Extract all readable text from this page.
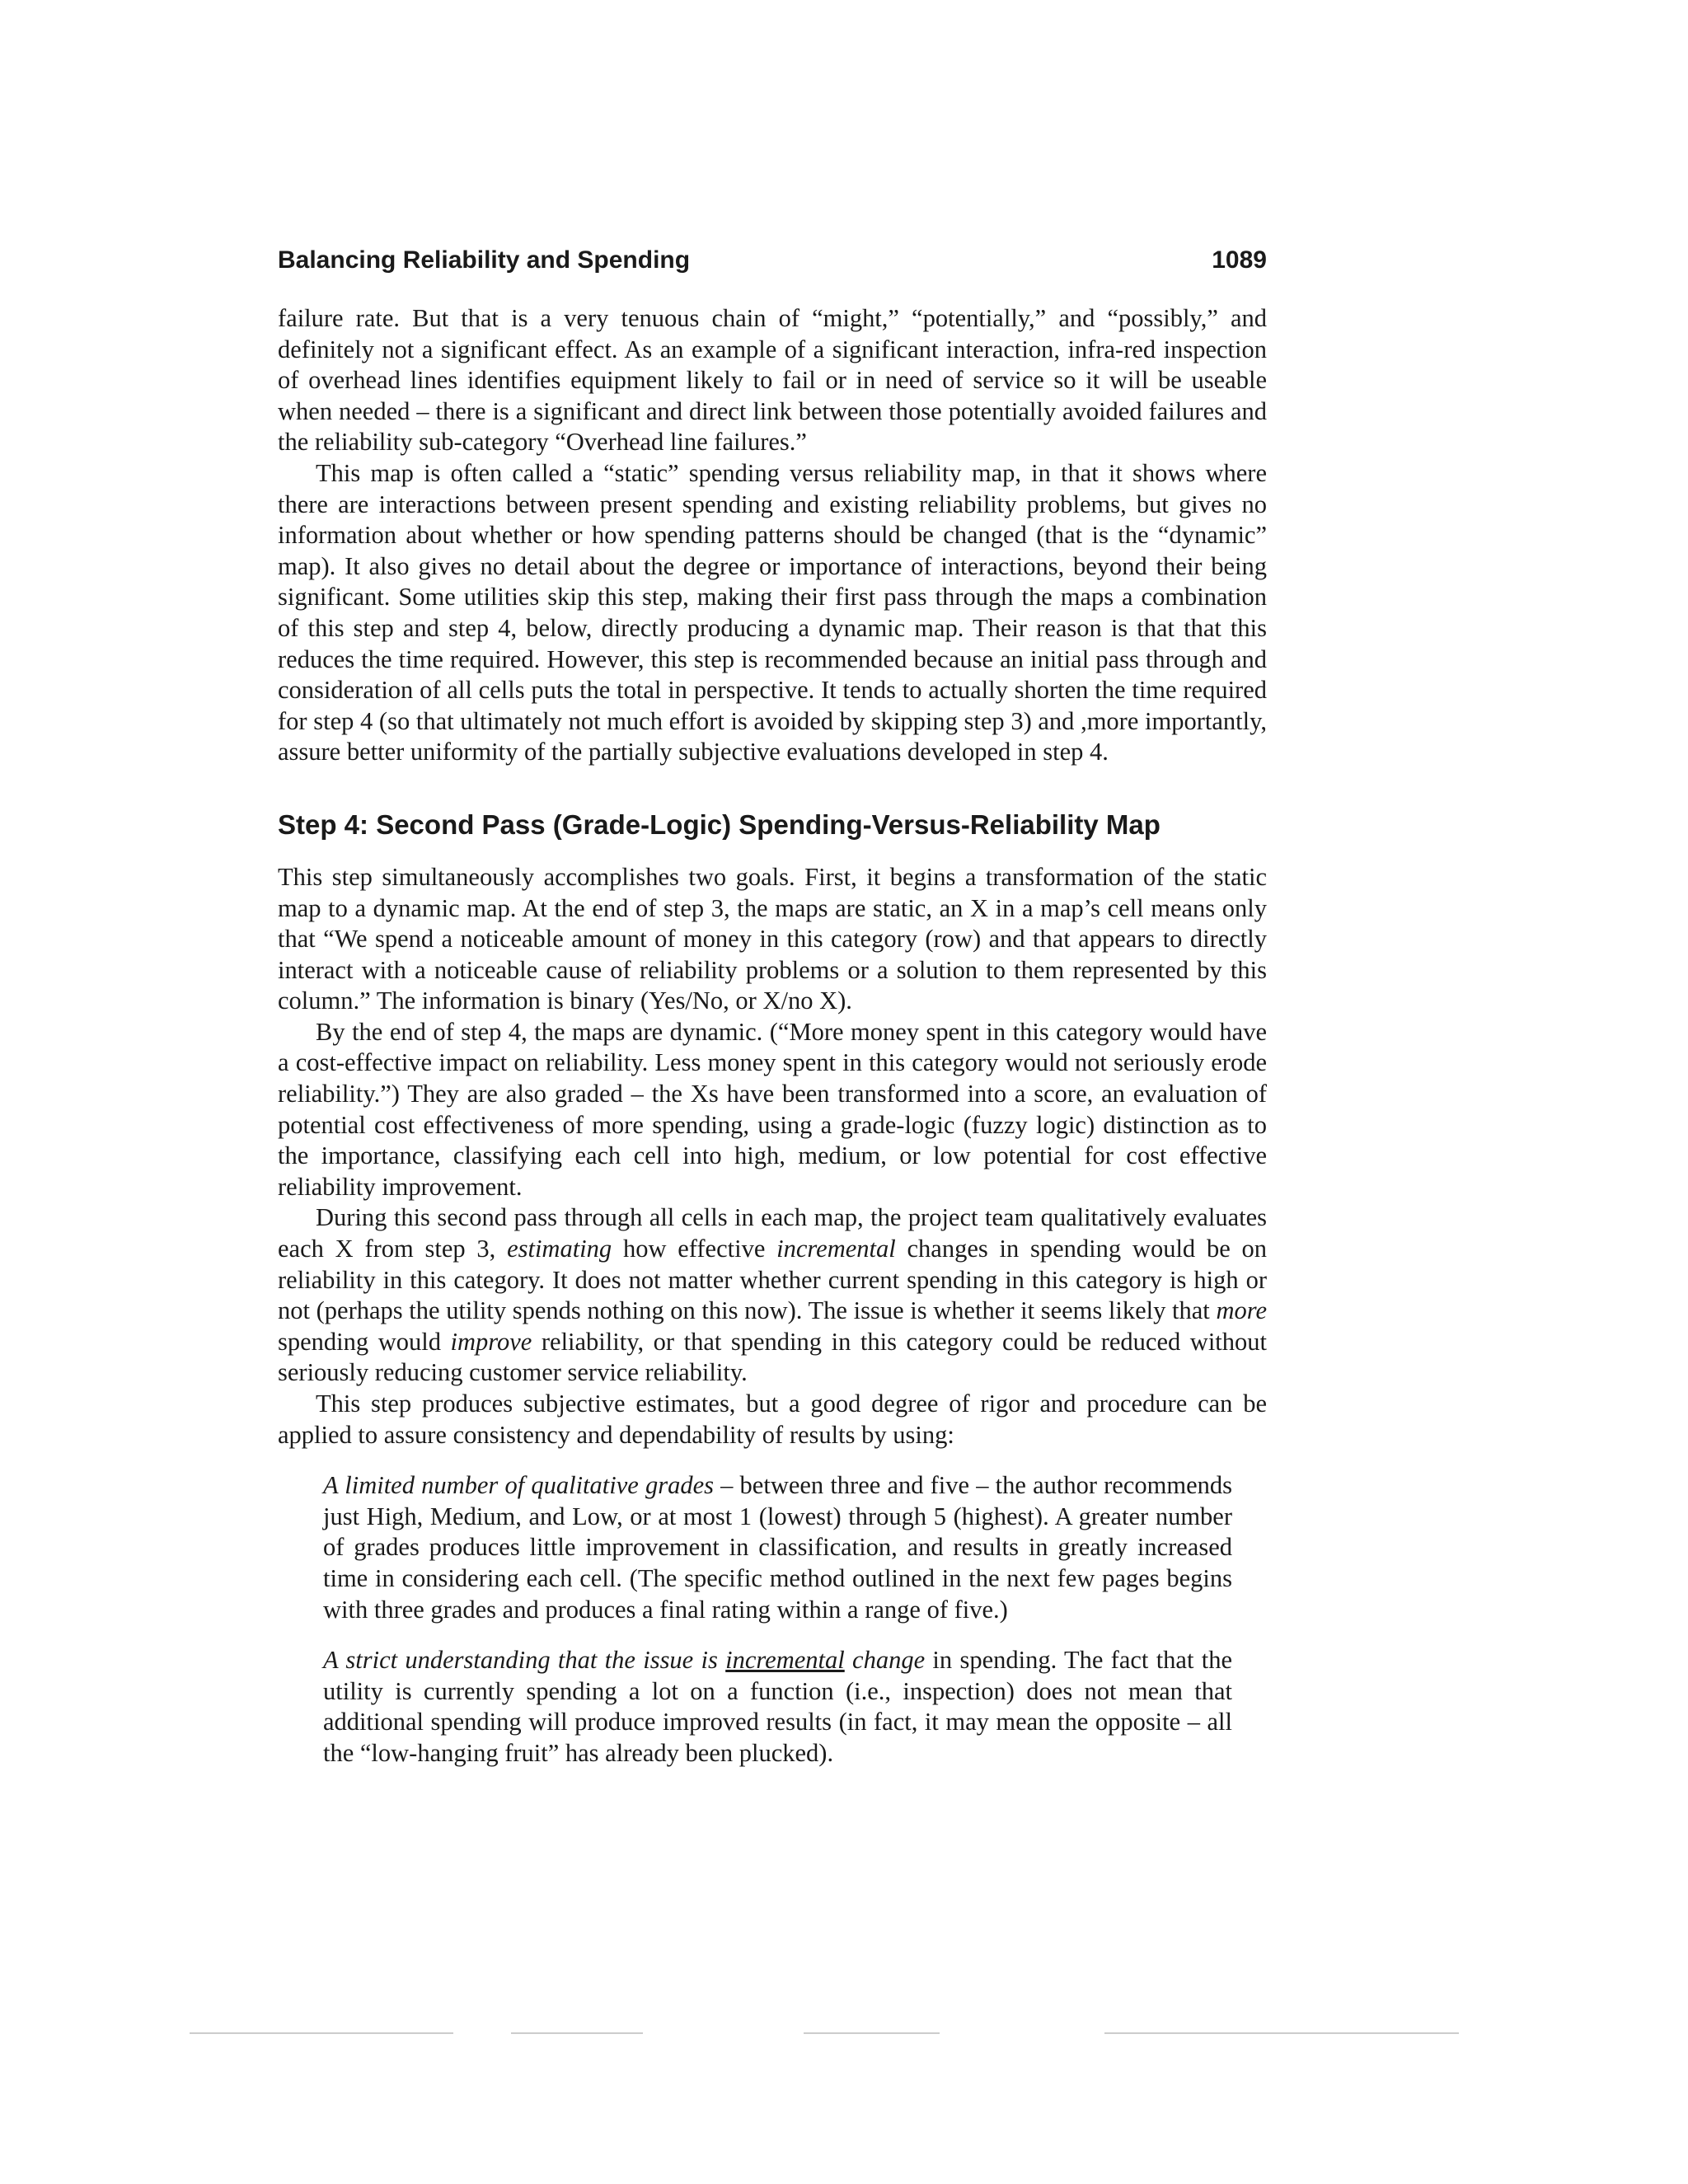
Balancing Reliability and Spending	1089

failure rate. But that is a very tenuous chain of “might,” “potentially,” and “possibly,” and definitely not a significant effect. As an example of a significant interaction, infra-red inspection of overhead lines identifies equipment likely to fail or in need of service so it will be useable when needed – there is a significant and direct link between those potentially avoided failures and the reliability sub-category “Overhead line failures.”

This map is often called a “static” spending versus reliability map, in that it shows where there are interactions between present spending and existing reliability problems, but gives no information about whether or how spending patterns should be changed (that is the “dynamic” map). It also gives no detail about the degree or importance of interactions, beyond their being significant. Some utilities skip this step, making their first pass through the maps a combination of this step and step 4, below, directly producing a dynamic map. Their reason is that that this reduces the time required. However, this step is recommended because an initial pass through and consideration of all cells puts the total in perspective. It tends to actually shorten the time required for step 4 (so that ultimately not much effort is avoided by skipping step 3) and ,more importantly, assure better uniformity of the partially subjective evaluations developed in step 4.

Step 4: Second Pass (Grade-Logic) Spending-Versus-Reliability Map

This step simultaneously accomplishes two goals. First, it begins a transformation of the static map to a dynamic map. At the end of step 3, the maps are static, an X in a map’s cell means only that “We spend a noticeable amount of money in this category (row) and that appears to directly interact with a noticeable cause of reliability problems or a solution to them represented by this column.” The information is binary (Yes/No, or X/no X).

By the end of step 4, the maps are dynamic. (“More money spent in this category would have a cost-effective impact on reliability. Less money spent in this category would not seriously erode reliability.”) They are also graded – the Xs have been transformed into a score, an evaluation of potential cost effectiveness of more spending, using a grade-logic (fuzzy logic) distinction as to the importance, classifying each cell into high, medium, or low potential for cost effective reliability improvement.

During this second pass through all cells in each map, the project team qualitatively evaluates each X from step 3, estimating how effective incremental changes in spending would be on reliability in this category. It does not matter whether current spending in this category is high or not (perhaps the utility spends nothing on this now). The issue is whether it seems likely that more spending would improve reliability, or that spending in this category could be reduced without seriously reducing customer service reliability.

This step produces subjective estimates, but a good degree of rigor and procedure can be applied to assure consistency and dependability of results by using:

A limited number of qualitative grades – between three and five – the author recommends just High, Medium, and Low, or at most 1 (lowest) through 5 (highest). A greater number of grades produces little improvement in classification, and results in greatly increased time in considering each cell. (The specific method outlined in the next few pages begins with three grades and produces a final rating within a range of five.)

A strict understanding that the issue is incremental change in spending. The fact that the utility is currently spending a lot on a function (i.e., inspection) does not mean that additional spending will produce improved results (in fact, it may mean the opposite – all the “low-hanging fruit” has already been plucked).
